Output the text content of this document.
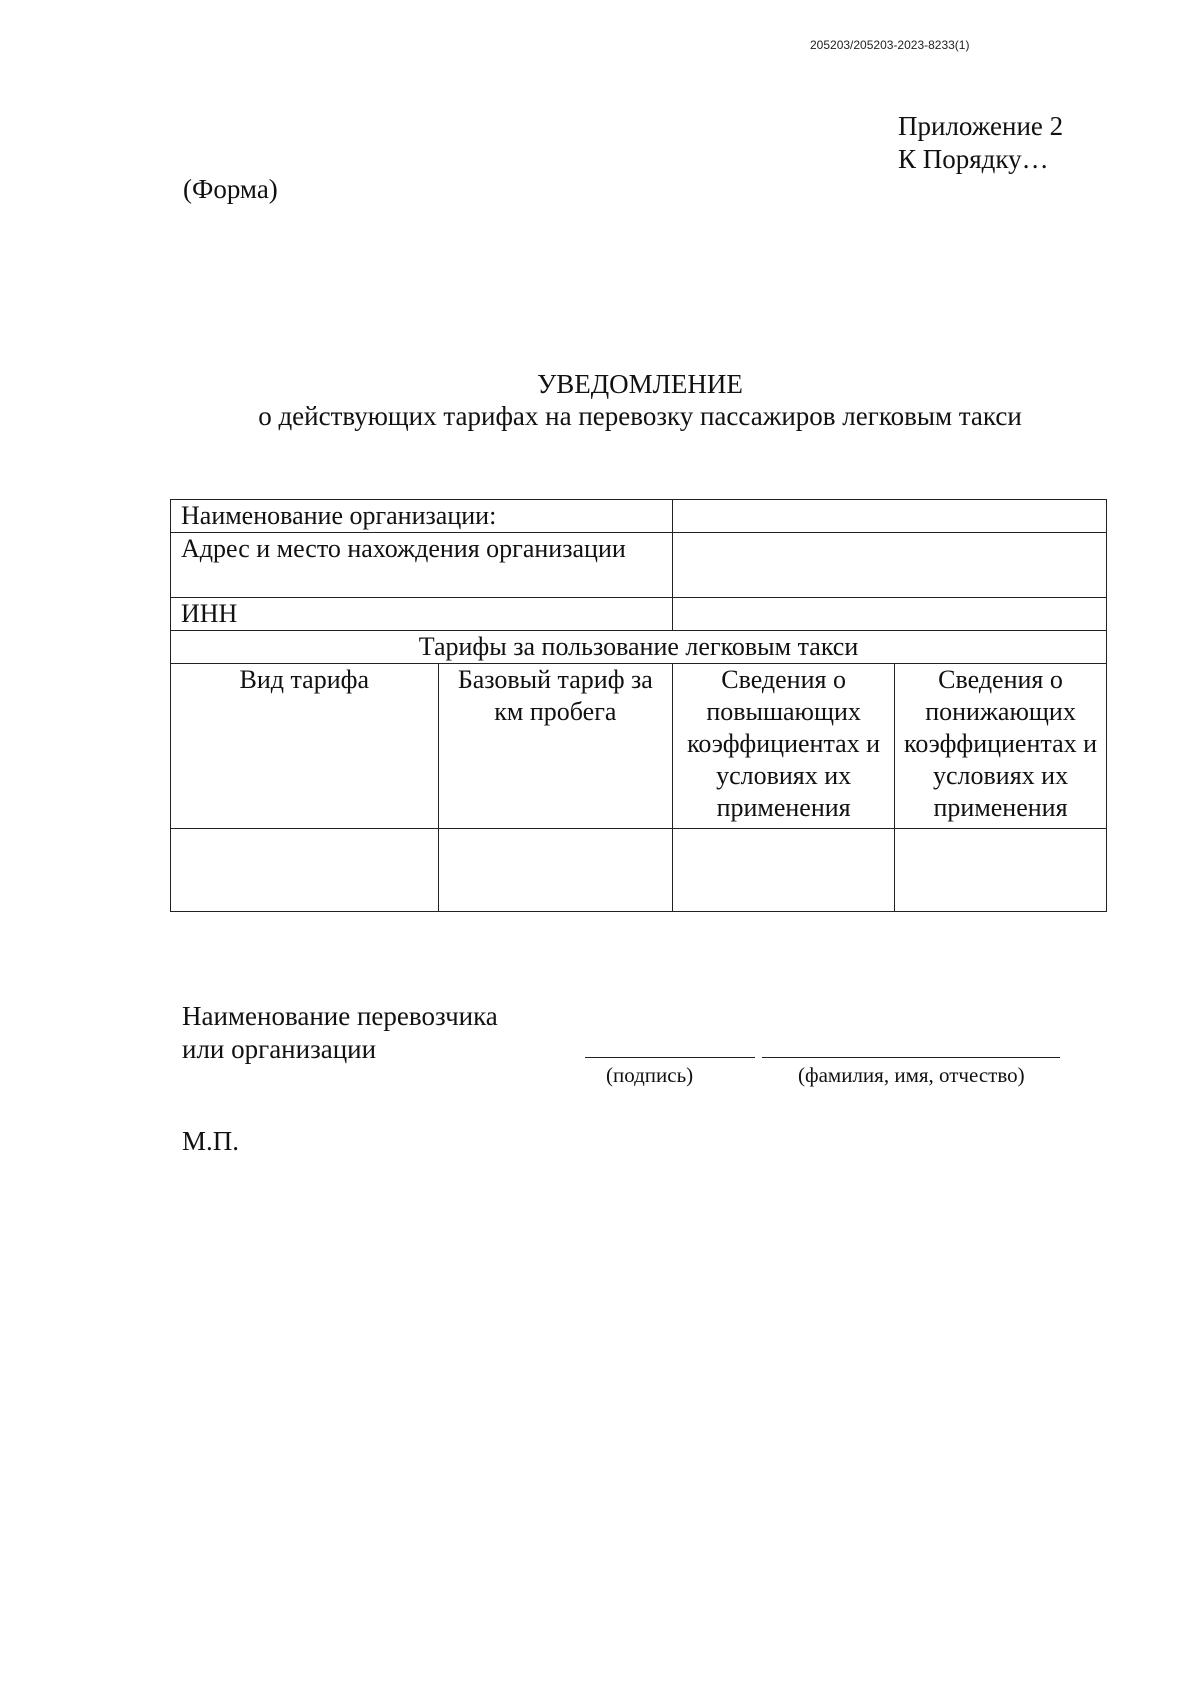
205203/205203-2023-8233(1)
Приложение 2
К Порядку…
(Форма)
УВЕДОМЛЕНИЕ
о действующих тарифах на перевозку пассажиров легковым такси
Наименование организации:			
Адрес и место нахождения организации			
ИНН			
Тарифы за пользование легковым такси			
Вид тарифа	Базовый тариф за км пробега	Сведения о повышающих коэффициентах и условиях их применения	Сведения о понижающих коэффициентах и условиях их применения

Наименование перевозчика
или организации
(подпись)	(фамилия, имя, отчество)
М.П.
